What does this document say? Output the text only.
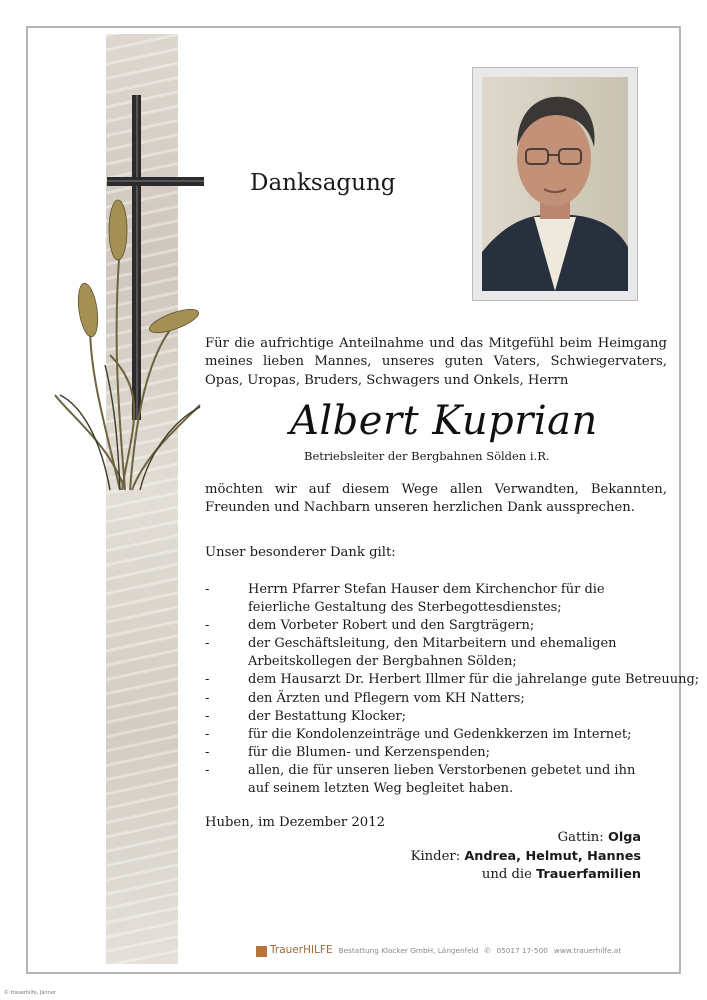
Danksagung
Für die aufrichtige Anteilnahme und das Mitgefühl beim Heimgang meines lieben Mannes, unseres guten Vaters, Schwiegervaters, Opas, Uropas, Bruders, Schwagers und Onkels, Herrn
Albert Kuprian
Betriebsleiter der Bergbahnen Sölden i.R.
möchten wir auf diesem Wege allen Verwandten, Bekannten, Freunden und Nachbarn unseren herzlichen Dank aussprechen.
Unser besonderer Dank gilt:
-	Herrn Pfarrer Stefan Hauser dem Kirchenchor für die
feierliche Gestaltung des Sterbegottesdienstes;
-	dem Vorbeter Robert und den Sargträgern;
-	der Geschäftsleitung, den Mitarbeitern und ehemaligen
Arbeitskollegen der Bergbahnen Sölden;
-	dem Hausarzt Dr. Herbert Illmer für die jahrelange gute Betreuung;
-	den Ärzten und Pflegern vom KH Natters;
-	der Bestattung Klocker;
-	für die Kondolenzeinträge und Gedenkkerzen im Internet;
-	für die Blumen- und Kerzenspenden;
-	allen, die für unseren lieben Verstorbenen gebetet und ihn
auf seinem letzten Weg begleitet haben.
Huben, im Dezember 2012
Gattin: Olga
Kinder: Andrea, Helmut, Hannes
und die Trauerfamilien
TrauerHILFE Bestattung Klocker GmbH, Längenfeld ✆ 05017 17-500 www.trauerhilfe.at
© trauerhilfe, Jänner
